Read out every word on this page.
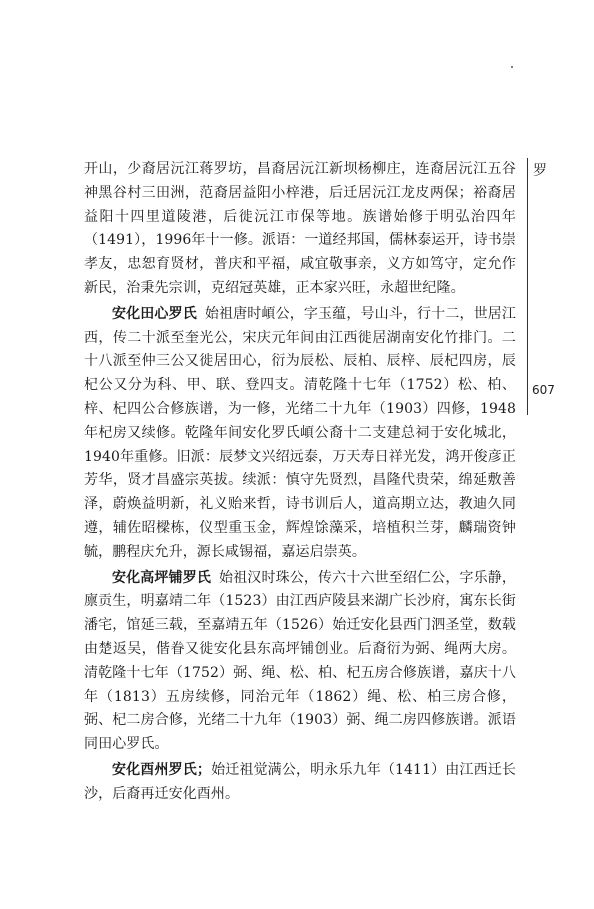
罗
607

开山，少裔居沅江蒋罗坊，昌裔居沅江新坝杨柳庄，连裔居沅江五谷神黑谷村三田洲，范裔居益阳小梓港，后迁居沅江龙皮两保；裕裔居益阳十四里道陵港，后徙沅江市保等地。族谱始修于明弘治四年（1491），1996年十一修。派语：一道经邦国，儒林泰运开，诗书崇孝友，忠恕育贤材，普庆和平福，咸宜敬事亲，义方如笃守，定允作新民，治秉先宗训，克绍冠英雄，正本家兴旺，永超世纪隆。

安化田心罗氏 始祖唐时崸公，字玉蕴，号山斗，行十二，世居江西，传二十派至奎光公，宋庆元年间由江西徙居湖南安化竹排门。二十八派至仲三公又徙居田心，衍为辰松、辰柏、辰梓、辰杞四房，辰杞公又分为科、甲、联、登四支。清乾隆十七年（1752）松、柏、梓、杞四公合修族谱，为一修，光绪二十九年（1903）四修，1948年杞房又续修。乾隆年间安化罗氏崸公裔十二支建总祠于安化城北，1940年重修。旧派：辰梦文兴绍远泰，万天寿日祥光发，鸿开俊彦正芳华，贤才昌盛宗英拔。续派：慎守先贤烈，昌隆代贵荣，绵延敷善泽，蔚焕益明新，礼义贻来哲，诗书训后人，道高期立达，教迪久同遵，辅佐昭樑栋，仪型重玉金，辉煌馀藻采，培植积兰芽，麟瑞资钟毓，鹏程庆允升，源长咸锡福，嘉运启崇英。

安化高坪铺罗氏 始祖汉时珠公，传六十六世至绍仁公，字乐静，廪贡生，明嘉靖二年（1523）由江西庐陵县来湖广长沙府，寓东长街潘宅，馆延三载，至嘉靖五年（1526）始迁安化县西门泗圣堂，数载由楚返吴，偕眷又徙安化县东高坪铺创业。后裔衍为弼、绳两大房。清乾隆十七年（1752）弼、绳、松、柏、杞五房合修族谱，嘉庆十八年（1813）五房续修，同治元年（1862）绳、松、柏三房合修，弼、杞二房合修，光绪二十九年（1903）弼、绳二房四修族谱。派语同田心罗氏。

安化酉州罗氏；始迁祖觉满公，明永乐九年（1411）由江西迁长沙，后裔再迁安化酉州。
